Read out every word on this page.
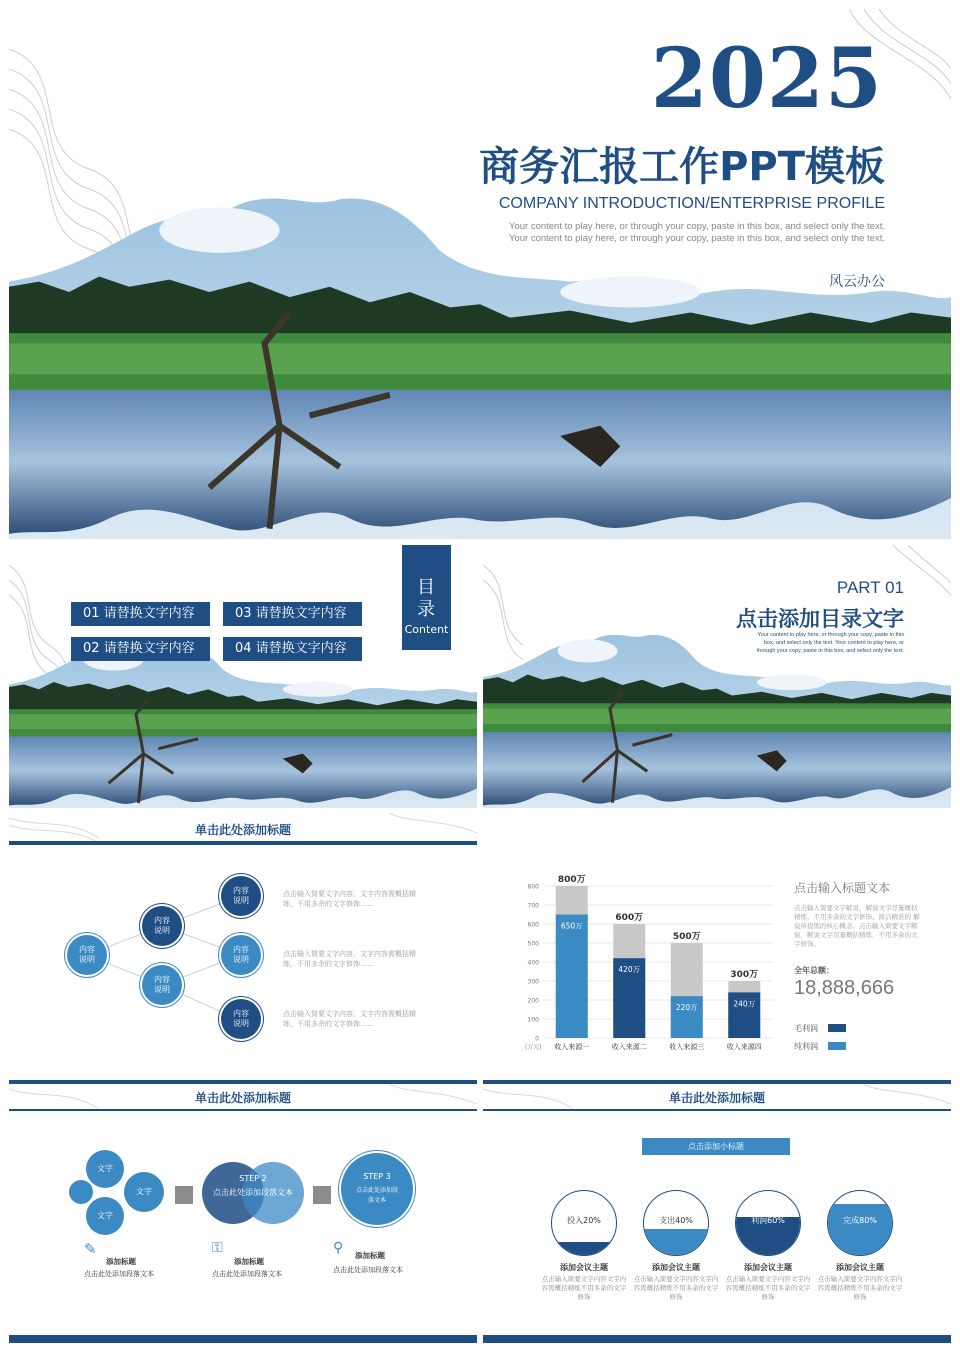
2025
商务汇报工作PPT模板
COMPANY INTRODUCTION/ENTERPRISE PROFILE
Your content to play here, or through your copy, paste in this box, and select only the text. Your content to play here, or through your copy, paste in this box, and select only the text.
风云办公
目录
Content
01 请替换文字内容	03 请替换文字内容
02 请替换文字内容	04 请替换文字内容
PART 01
点击添加目录文字
Your content to play here, or through your copy, paste in this box, and select only the text. Your content to play here, or through your copy, paste in this box, and select only the text.
单击此处添加标题
内容
说明
内容
说明
内容
说明
内容
说明
内容
说明
内容
说明
点击输入简要文字内容，文字内容需概括精练，不用多余的文字修饰……
点击输入简要文字内容，文字内容需概括精练，不用多余的文字修饰……
点击输入简要文字内容，文字内容需概括精练，不用多余的文字修饰……
800
700
600
500
400
300
200
100
0
(万元)
800万
650万
收入来源一
600万
420万
收入来源二
500万
220万
收入来源三
300万
240万
收入来源四
点击输入标题文本
点击输入简要文字解说，解说文字尽量概括精炼，不用多余的文字修饰。简洁精准的 解说所提炼的核心概念。点击输入简要文字解说，解说文字尽量概括精炼，不用多余的文字修饰。
全年总额：
18,888,666
毛利润
纯利润
单击此处添加标题
文字
文字
文字
STEP 2
点击此处添加段落文本
STEP 3
点击此处添加段落文本
✎
添加标题
点击此处添加段落文本
⚿
添加标题
点击此处添加段落文本
⚲ 添加标题
点击此处添加段落文本
单击此处添加标题
点击添加小标题
投入20%
添加会议主题
点击输入简要文字内容文字内容需概括精炼不用多余的文字修饰
支出40%
添加会议主题
点击输入简要文字内容文字内容需概括精炼不用多余的文字修饰
利润60%
添加会议主题
点击输入简要文字内容文字内容需概括精炼不用多余的文字修饰
完成80%
添加会议主题
点击输入简要文字内容文字内容需概括精炼不用多余的文字修饰
